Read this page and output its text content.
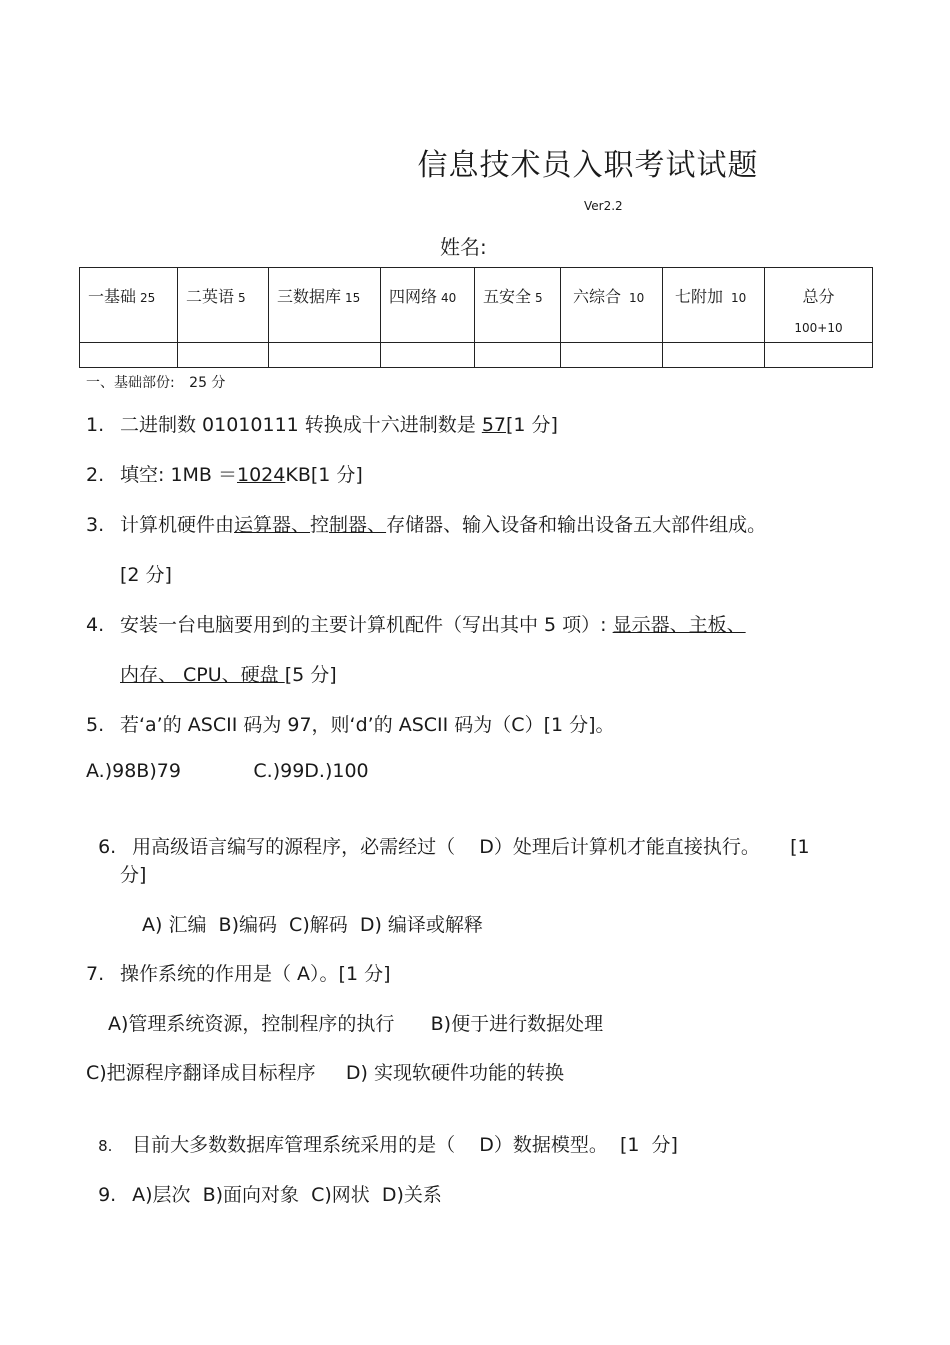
信息技术员入职考试试题
Ver2.2
姓名:
一基础 25	二英语 5	三数据库 15	四网络 40	五安全 5	六综合 10	七附加 10	总分
100+10

一、基础部份: 25 分
1. 二进制数 01010111 转换成十六进制数是 57[1 分]
2. 填空: 1MB ＝1024KB[1 分]
3. 计算机硬件由运算器、控制器、存储器、输入设备和输出设备五大部件组成。
[2 分]
4. 安装一台电脑要用到的主要计算机配件（写出其中 5 项）: 显示器、主板、
内存、 CPU、硬盘 [5 分]
5. 若‘a’的 ASCII 码为 97，则‘d’的 ASCII 码为（C）[1 分]。
A.)98B)79            C.)99D.)100

6. 用高级语言编写的源程序，必需经过（    D）处理后计算机才能直接执行。     [1

分]
A) 汇编  B)编码  C)解码  D) 编译或解释
7. 操作系统的作用是（ A）。[1 分]
A)管理系统资源，控制程序的执行      B)便于进行数据处理
C)把源程序翻译成目标程序     D) 实现软硬件功能的转换

8. 目前大多数数据库管理系统采用的是（    D）数据模型。  [1  分]

9. A)层次  B)面向对象  C)网状  D)关系
